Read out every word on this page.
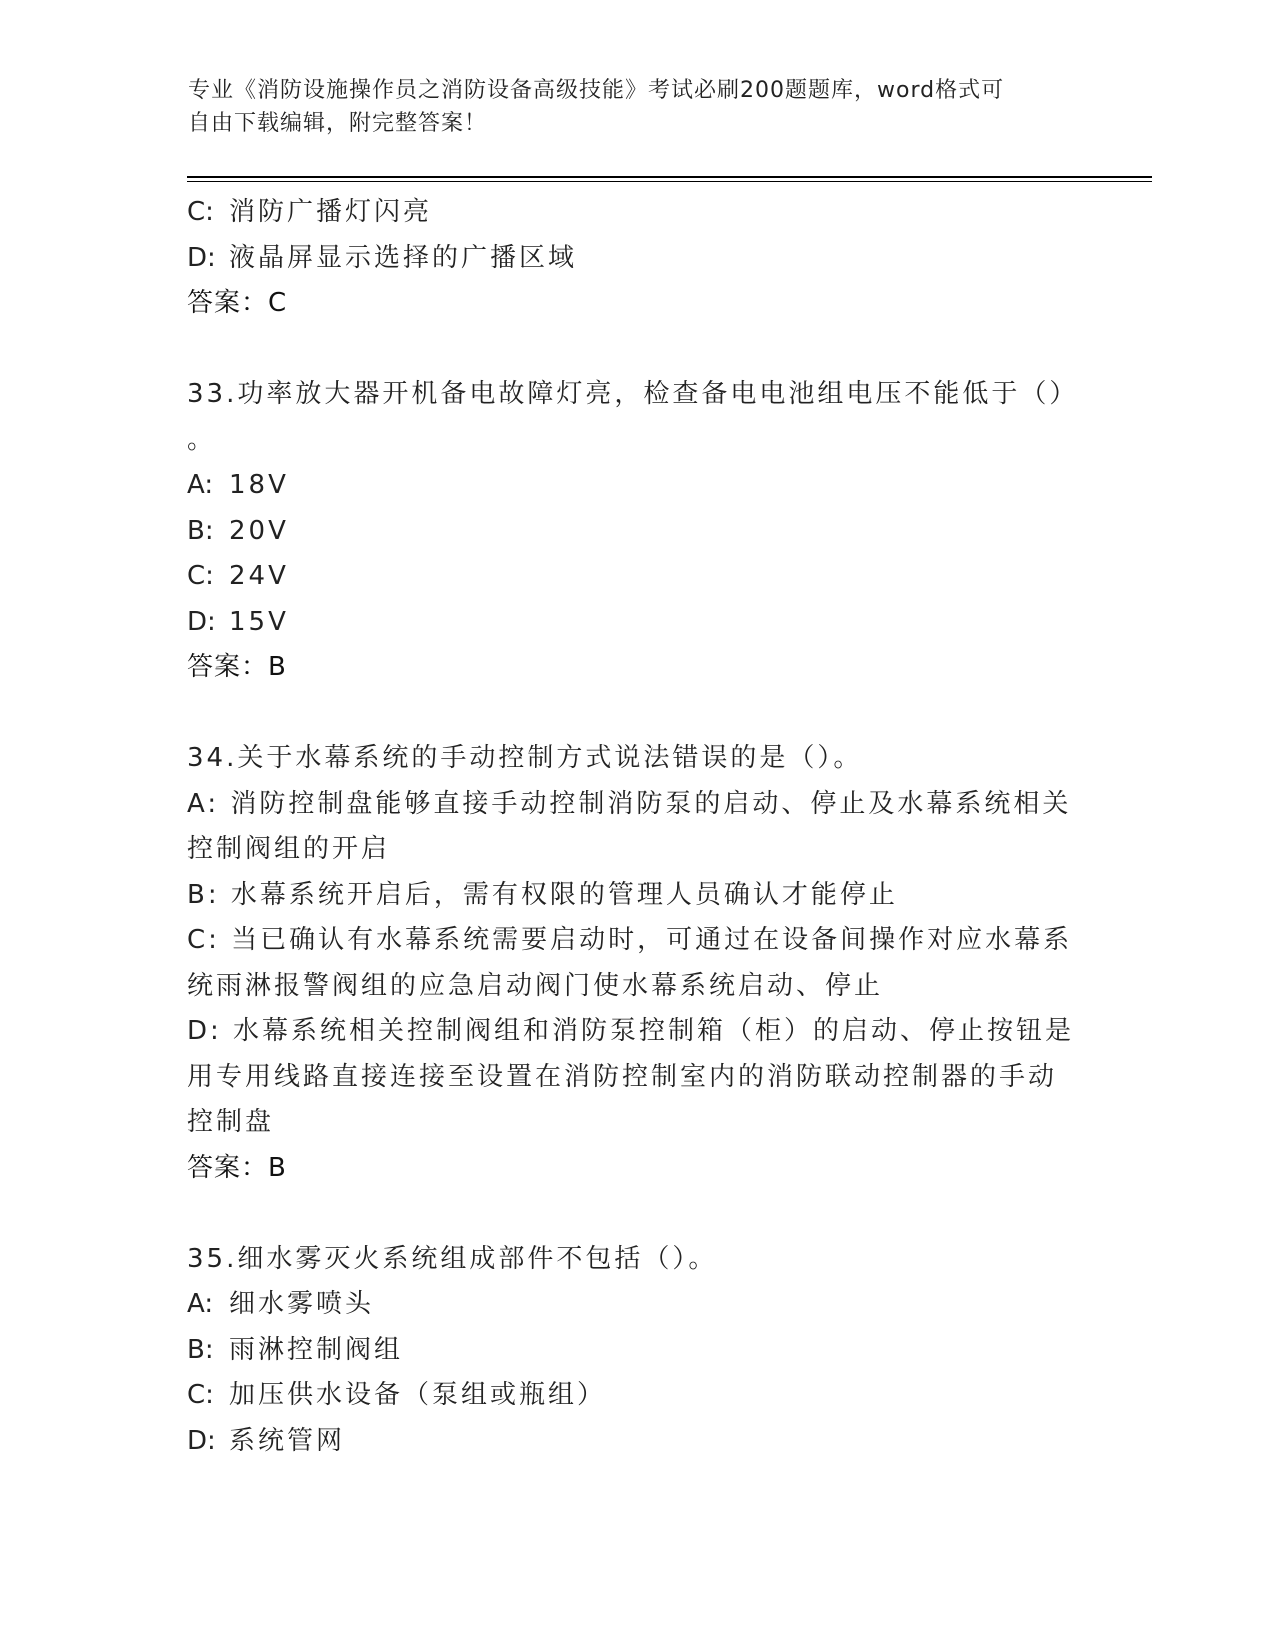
专业《消防设施操作员之消防设备高级技能》考试必刷200题题库，word格式可
自由下载编辑，附完整答案！
C: 消防广播灯闪亮
D: 液晶屏显示选择的广播区域
答案：C
33.功率放大器开机备电故障灯亮，检查备电电池组电压不能低于（）
。
A: 18V
B: 20V
C: 24V
D: 15V
答案：B
34.关于水幕系统的手动控制方式说法错误的是（）。
A: 消防控制盘能够直接手动控制消防泵的启动、停止及水幕系统相关
控制阀组的开启
B: 水幕系统开启后，需有权限的管理人员确认才能停止
C: 当已确认有水幕系统需要启动时，可通过在设备间操作对应水幕系
统雨淋报警阀组的应急启动阀门使水幕系统启动、停止
D: 水幕系统相关控制阀组和消防泵控制箱（柜）的启动、停止按钮是
用专用线路直接连接至设置在消防控制室内的消防联动控制器的手动
控制盘
答案：B
35.细水雾灭火系统组成部件不包括（）。
A: 细水雾喷头
B: 雨淋控制阀组
C: 加压供水设备（泵组或瓶组）
D: 系统管网
